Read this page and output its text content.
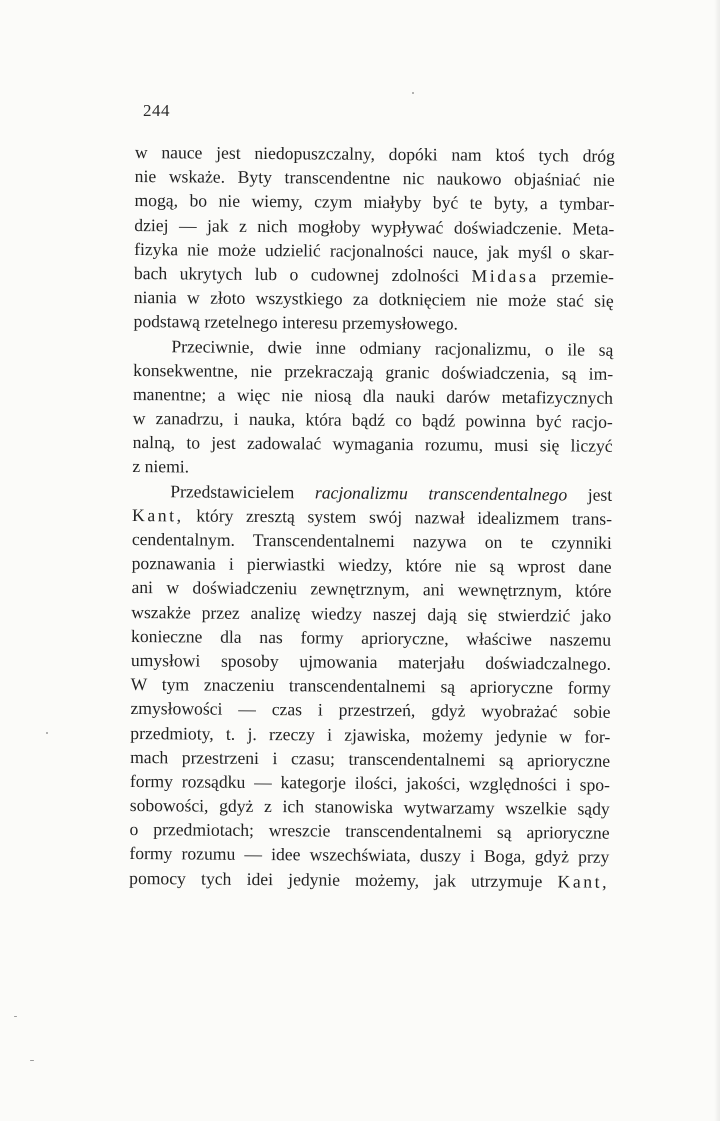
244
w nauce jest niedopuszczalny, dopóki nam ktoś tych dróg
nie wskaże. Byty transcendentne nic naukowo objaśniać nie
mogą, bo nie wiemy, czym miałyby być te byty, a tymbar-
dziej — jak z nich mogłoby wypływać doświadczenie. Meta-
fizyka nie może udzielić racjonalności nauce, jak myśl o skar-
bach ukrytych lub o cudownej zdolności Midasa przemie-
niania w złoto wszystkiego za dotknięciem nie może stać się
podstawą rzetelnego interesu przemysłowego.
Przeciwnie, dwie inne odmiany racjonalizmu, o ile są
konsekwentne, nie przekraczają granic doświadczenia, są im-
manentne; a więc nie niosą dla nauki darów metafizycznych
w zanadrzu, i nauka, która bądź co bądź powinna być racjo-
nalną, to jest zadowalać wymagania rozumu, musi się liczyć
z niemi.
Przedstawicielem racjonalizmu transcendentalnego jest
Kant, który zresztą system swój nazwał idealizmem trans-
cendentalnym. Transcendentalnemi nazywa on te czynniki
poznawania i pierwiastki wiedzy, które nie są wprost dane
ani w doświadczeniu zewnętrznym, ani wewnętrznym, które
wszakże przez analizę wiedzy naszej dają się stwierdzić jako
konieczne dla nas formy aprioryczne, właściwe naszemu
umysłowi sposoby ujmowania materjału doświadczalnego.
W tym znaczeniu transcendentalnemi są aprioryczne formy
zmysłowości — czas i przestrzeń, gdyż wyobrażać sobie
przedmioty, t. j. rzeczy i zjawiska, możemy jedynie w for-
mach przestrzeni i czasu; transcendentalnemi są aprioryczne
formy rozsądku — kategorje ilości, jakości, względności i spo-
sobowości, gdyż z ich stanowiska wytwarzamy wszelkie sądy
o przedmiotach; wreszcie transcendentalnemi są aprioryczne
formy rozumu — idee wszechświata, duszy i Boga, gdyż przy
pomocy tych idei jedynie możemy, jak utrzymuje Kant,
